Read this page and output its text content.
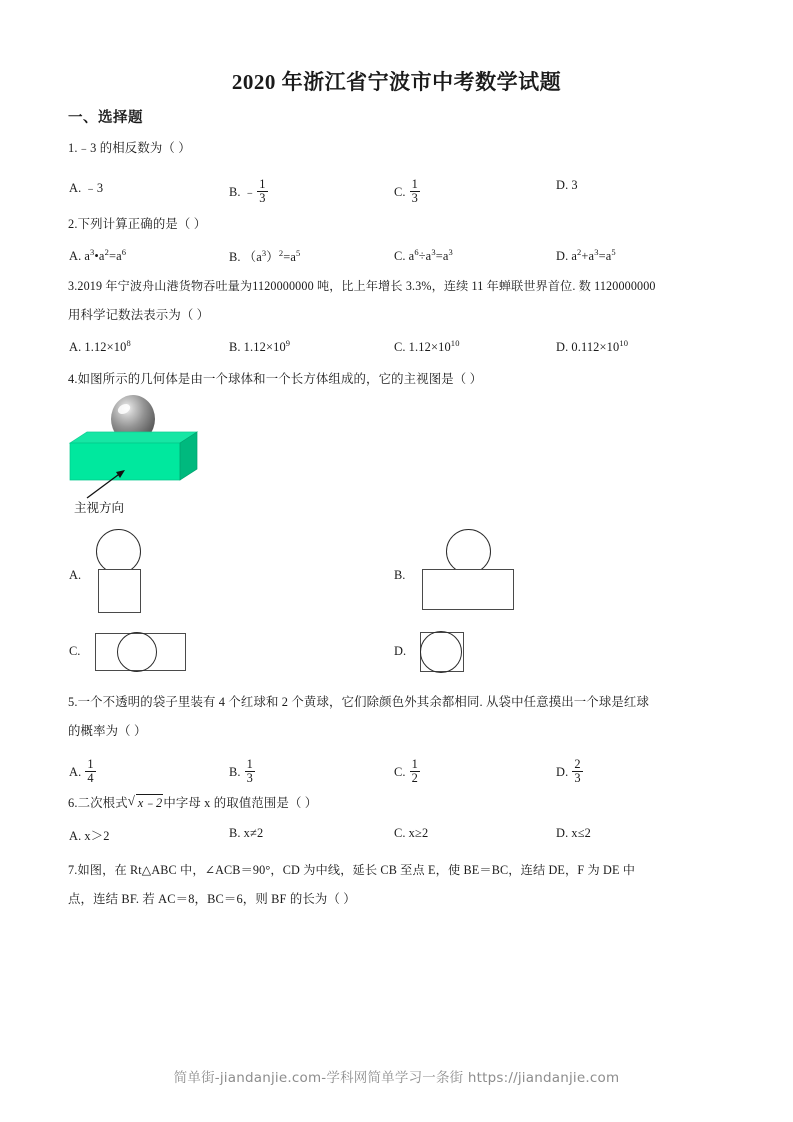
2020 年浙江省宁波市中考数学试题
一、选择题
1.﹣3 的相反数为（ ）
A. ﹣3	B. ﹣ $\frac{1}{3}$	C. $\frac{1}{3}$	D. 3
2.下列计算正确的是（ ）
A. $a^3•a^2=a^6$	B. $(a^3)^2=a^5$	C. $a^6\div a^3=a^3$	D. $a^2+a^3=a^5$
3.2019 年宁波舟山港货物吞吐量为1120000000 吨，比上年增长 3.3%，连续 11 年蝉联世界首位. 数 1120000000
用科学记数法表示为（ ）
A. $1.12\times 10^8$	B. $1.12\times 10^9$	C. $1.12\times 10^{10}$	D. $0.112\times 10^{10}$
4.如图所示的几何体是由一个球体和一个长方体组成的，它的主视图是（ ）
主视方向
A.	B.
C.	D.
5.一个不透明的袋子里装有 4 个红球和 2 个黄球，它们除颜色外其余都相同. 从袋中任意摸出一个球是红球
的概率为（ ）
A. $\frac{1}{4}$	B. $\frac{1}{3}$	C. $\frac{1}{2}$	D. $\frac{2}{3}$
6.二次根式 √ x﹣2中字母 x 的取值范围是（ ）
A. x＞2	B. x≠2	C. x≥2	D. x≤2
7.如图，在 Rt△ABC 中，∠ACB＝90°，CD 为中线，延长 CB 至点 E，使 BE＝BC，连结 DE，F 为 DE 中
点，连结 BF. 若 AC＝8，BC＝6，则 BF 的长为（ ）
简单街-jiandanjie.com-学科网简单学习一条街 https://jiandanjie.com
